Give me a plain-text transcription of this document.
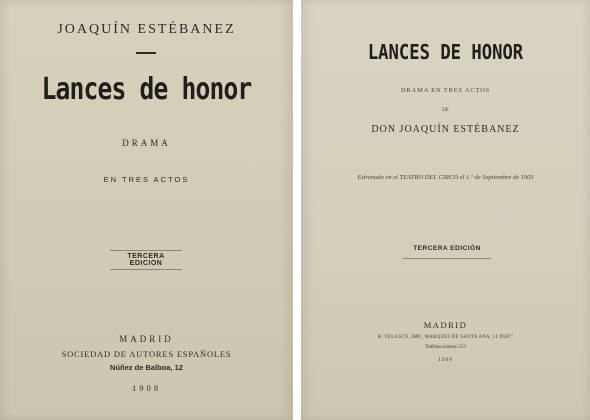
JOAQUÍN ESTÉBANEZ

Lances de honor

DRAMA

EN TRES ACTOS

TERCERA EDICION

MADRID

SOCIEDAD DE AUTORES ESPAÑOLES

Núñez de Balboa, 12

1908

LANCES DE HONOR

DRAMA EN TRES ACTOS

DE

DON JOAQUÍN ESTÉBANEZ

Estrenado en el TEATRO DEL CIRCO el 1.º de Septiembre de 1903

TERCERA EDICIÓN

MADRID

R. VELASCO, IMP., MARQUÉS DE SANTA ANA, 11 DUP.°

Teléfono número 551

1908
